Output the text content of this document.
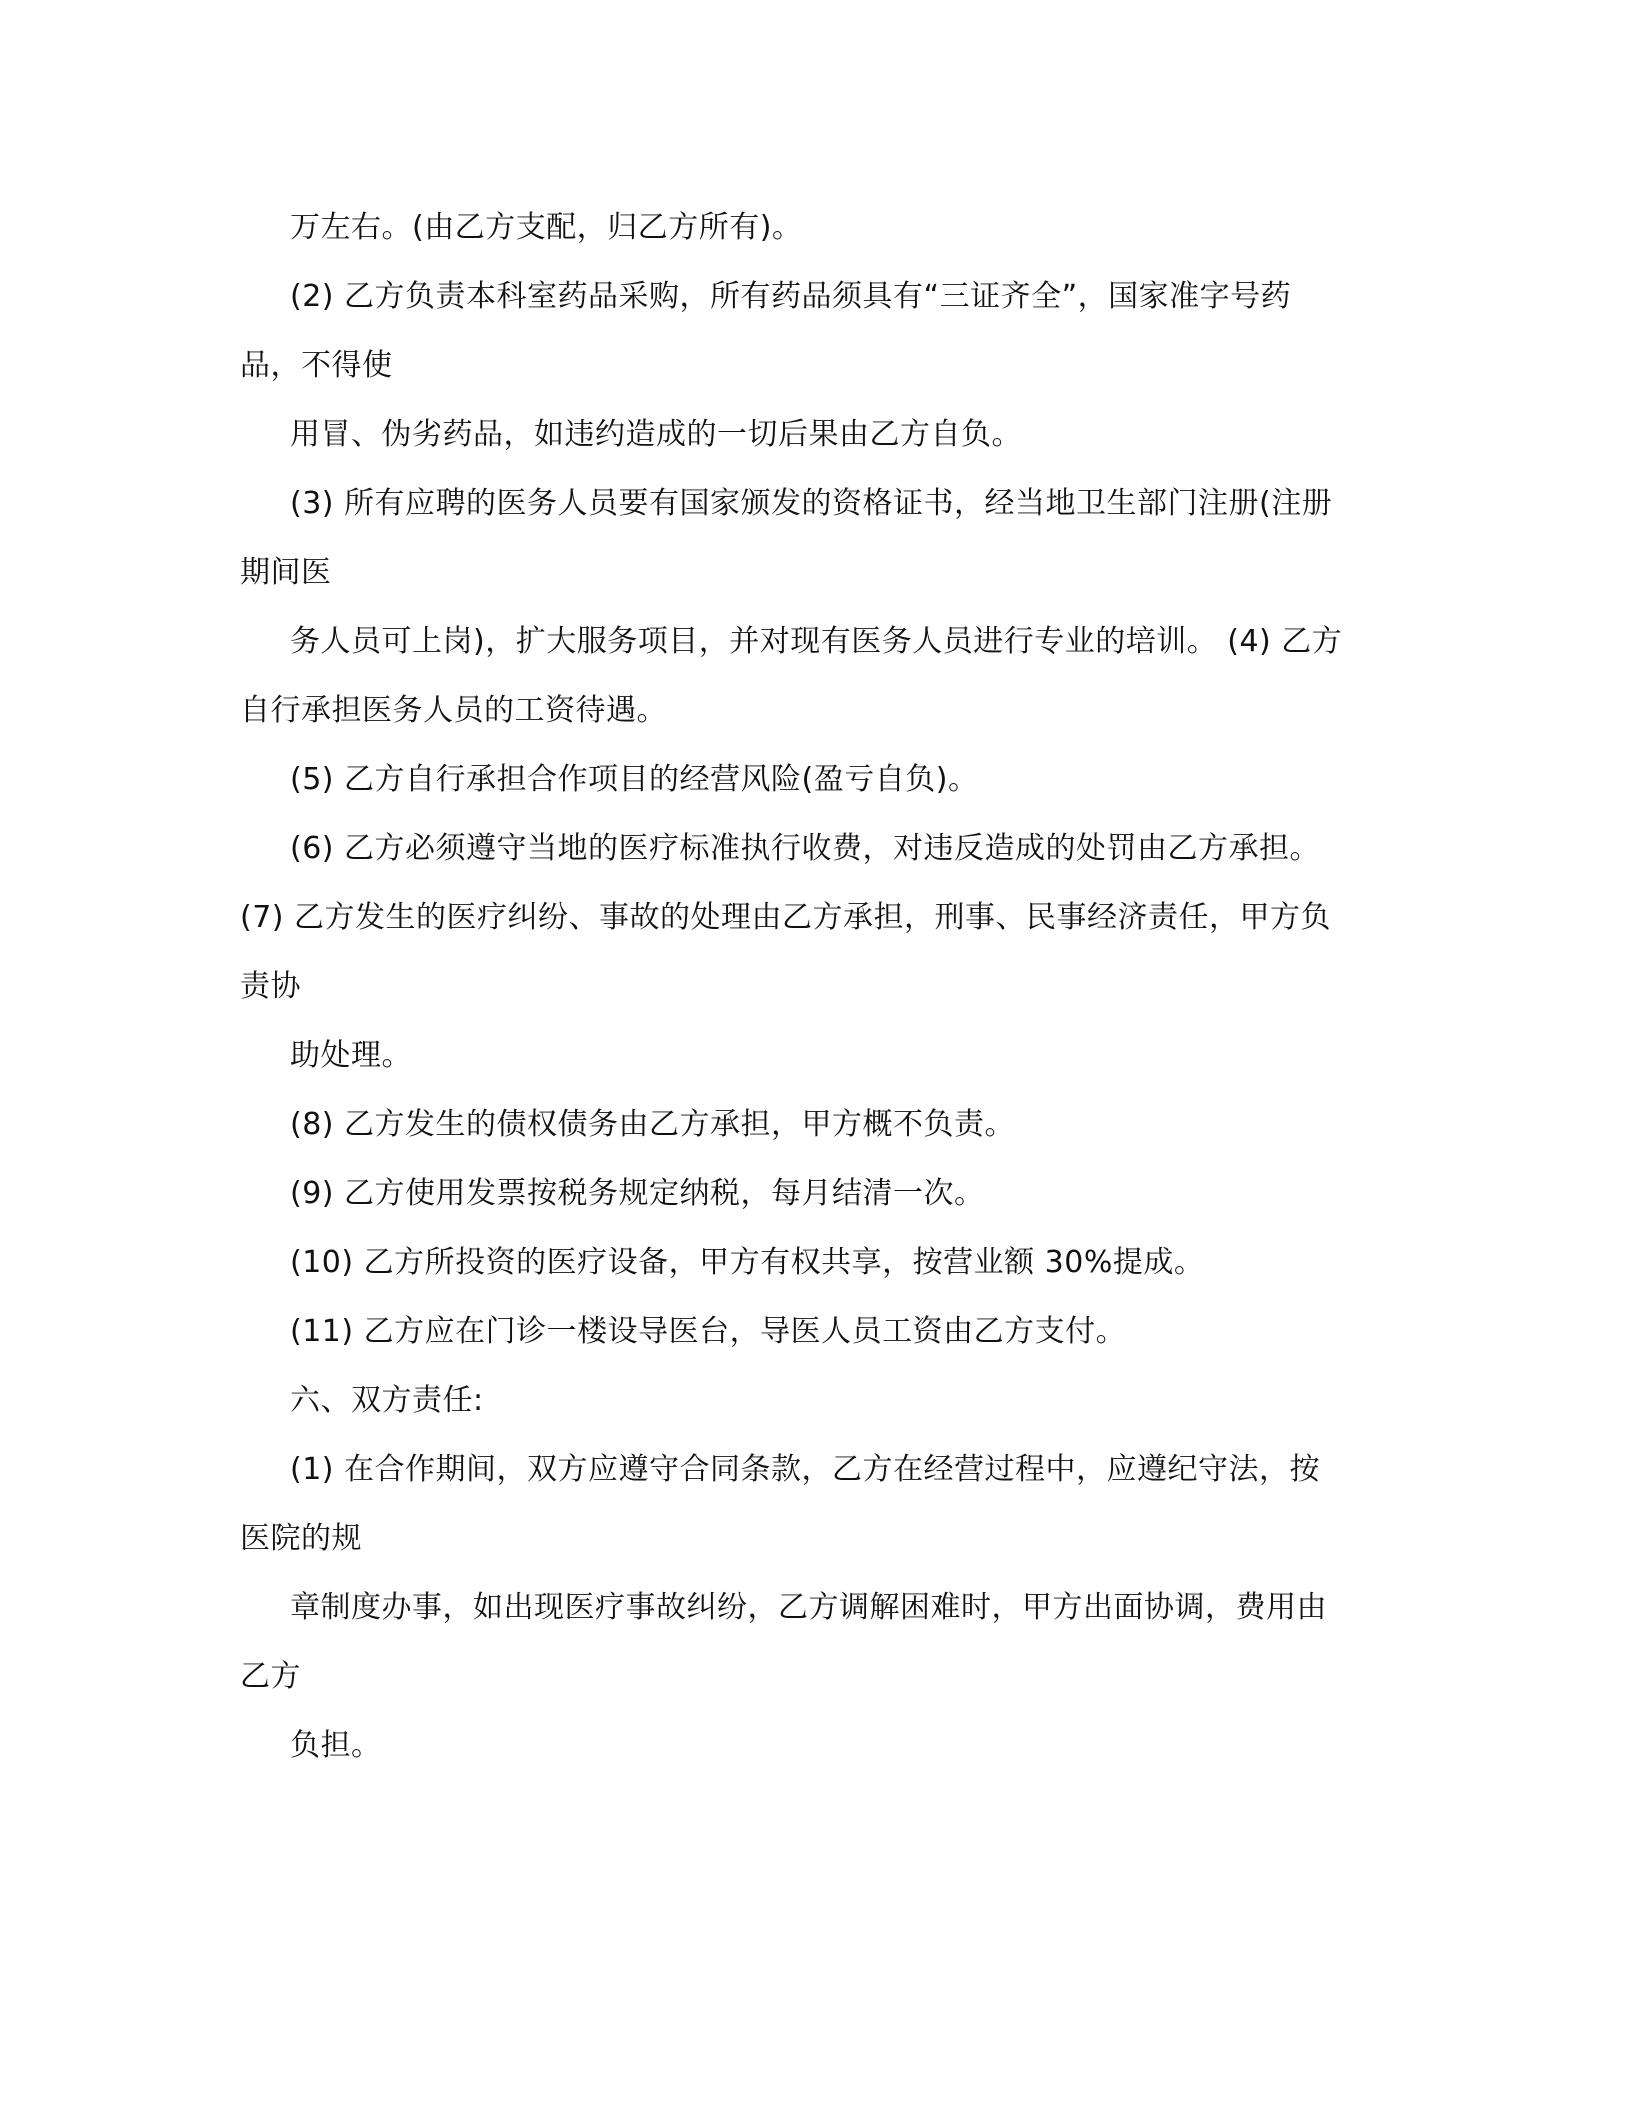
万左右。(由乙方支配，归乙方所有)。
(2) 乙方负责本科室药品采购，所有药品须具有“三证齐全”，国家准字号药
品，不得使
用冒、伪劣药品，如违约造成的一切后果由乙方自负。
(3) 所有应聘的医务人员要有国家颁发的资格证书，经当地卫生部门注册(注册
期间医
务人员可上岗)，扩大服务项目，并对现有医务人员进行专业的培训。 (4) 乙方
自行承担医务人员的工资待遇。
(5) 乙方自行承担合作项目的经营风险(盈亏自负)。
(6) 乙方必须遵守当地的医疗标准执行收费，对违反造成的处罚由乙方承担。
(7) 乙方发生的医疗纠纷、事故的处理由乙方承担，刑事、民事经济责任，甲方负
责协
助处理。
(8) 乙方发生的债权债务由乙方承担，甲方概不负责。
(9) 乙方使用发票按税务规定纳税，每月结清一次。
(10) 乙方所投资的医疗设备，甲方有权共享，按营业额 30%提成。
(11) 乙方应在门诊一楼设导医台，导医人员工资由乙方支付。
六、双方责任:
(1) 在合作期间，双方应遵守合同条款，乙方在经营过程中，应遵纪守法，按
医院的规
章制度办事，如出现医疗事故纠纷，乙方调解困难时，甲方出面协调，费用由
乙方
负担。
